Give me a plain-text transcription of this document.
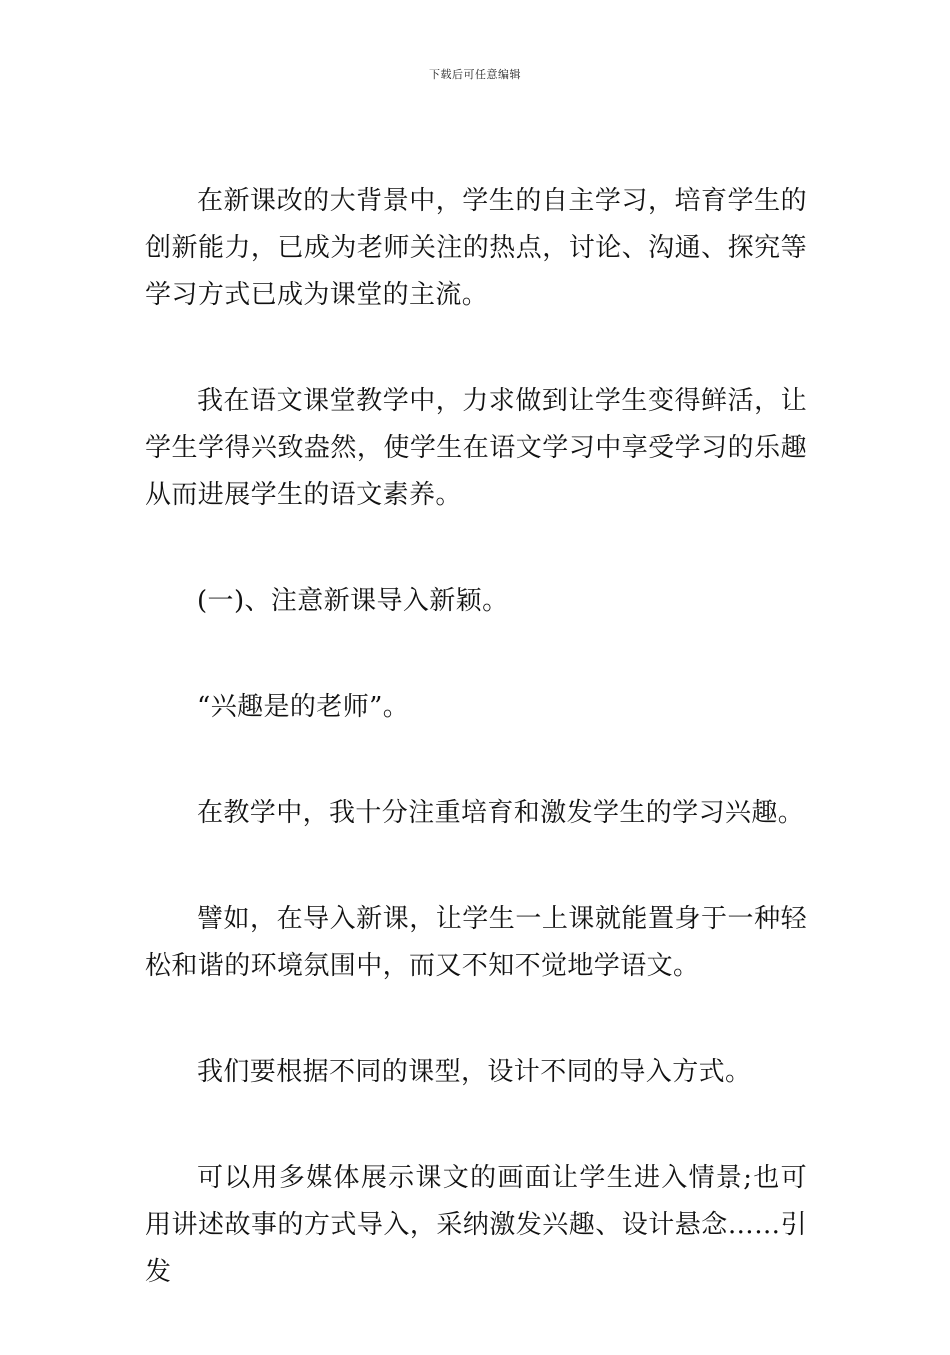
下载后可任意编辑

在新课改的大背景中，学生的自主学习，培育学生的创新能力，已成为老师关注的热点，讨论、沟通、探究等学习方式已成为课堂的主流。

我在语文课堂教学中，力求做到让学生变得鲜活，让学生学得兴致盎然，使学生在语文学习中享受学习的乐趣从而进展学生的语文素养。

(一)、注意新课导入新颖。

“兴趣是的老师”。

在教学中，我十分注重培育和激发学生的学习兴趣。

譬如，在导入新课，让学生一上课就能置身于一种轻松和谐的环境氛围中，而又不知不觉地学语文。

我们要根据不同的课型，设计不同的导入方式。

可以用多媒体展示课文的画面让学生进入情景;也可用讲述故事的方式导入，采纳激发兴趣、设计悬念……引发
